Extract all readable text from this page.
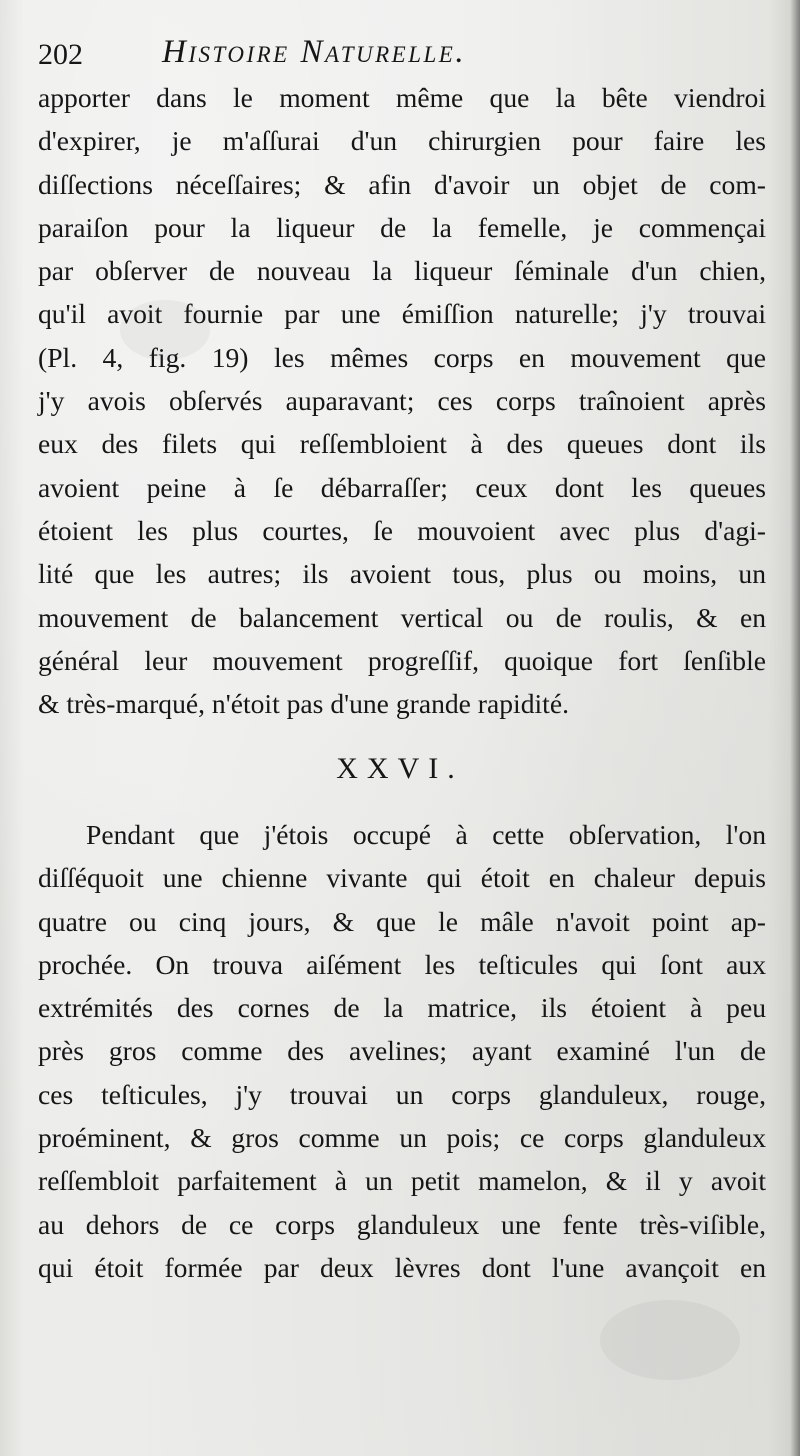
202 Histoire Naturelle.
apporter dans le moment même que la bête viendroi
d'expirer, je m'aſſurai d'un chirurgien pour faire les
diſſections néceſſaires; & afin d'avoir un objet de com-
paraiſon pour la liqueur de la femelle, je commençai
par obſerver de nouveau la liqueur ſéminale d'un chien,
qu'il avoit fournie par une émiſſion naturelle; j'y trouvai
(Pl. 4, fig. 19) les mêmes corps en mouvement que
j'y avois obſervés auparavant; ces corps traînoient après
eux des filets qui reſſembloient à des queues dont ils
avoient peine à ſe débarraſſer; ceux dont les queues
étoient les plus courtes, ſe mouvoient avec plus d'agi-
lité que les autres; ils avoient tous, plus ou moins, un
mouvement de balancement vertical ou de roulis, & en
général leur mouvement progreſſif, quoique fort ſenſible
& très-marqué, n'étoit pas d'une grande rapidité.
XXVI.
Pendant que j'étois occupé à cette obſervation, l'on
diſſéquoit une chienne vivante qui étoit en chaleur depuis
quatre ou cinq jours, & que le mâle n'avoit point ap-
prochée. On trouva aiſément les teſticules qui ſont aux
extrémités des cornes de la matrice, ils étoient à peu
près gros comme des avelines; ayant examiné l'un de
ces teſticules, j'y trouvai un corps glanduleux, rouge,
proéminent, & gros comme un pois; ce corps glanduleux
reſſembloit parfaitement à un petit mamelon, & il y avoit
au dehors de ce corps glanduleux une fente très-viſible,
qui étoit formée par deux lèvres dont l'une avançoit en
